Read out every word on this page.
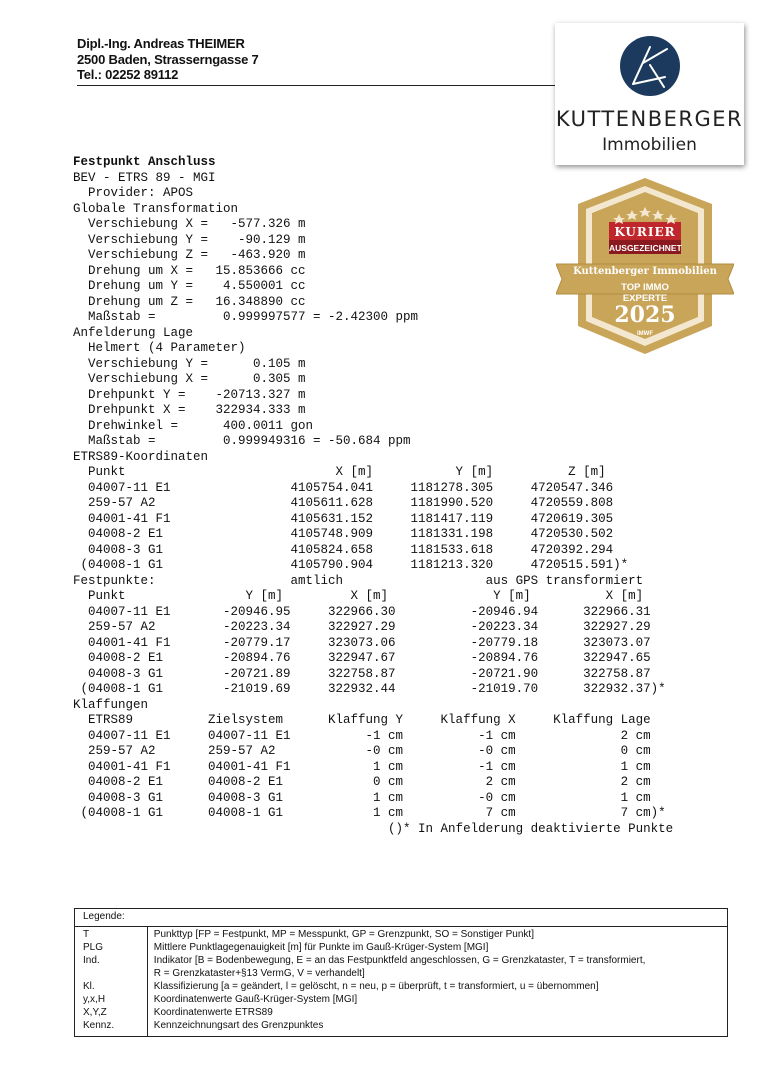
Dipl.-Ing. Andreas THEIMER
2500 Baden, Strasserngasse 7
Tel.: 02252 89112
KUTTENBERGER
Immobilien
KURIER
AUSGEZEICHNET
Kuttenberger Immobilien
TOP IMMO
EXPERTE
2025
IMWF
Festpunkt Anschluss
BEV - ETRS 89 - MGI
Provider: APOS
Globale Transformation
Verschiebung X =   -577.326 m
Verschiebung Y =    -90.129 m
Verschiebung Z =   -463.920 m
Drehung um X =   15.853666 cc
Drehung um Y =    4.550001 cc
Drehung um Z =   16.348890 cc
Maßstab =         0.999997577 = -2.42300 ppm
Anfelderung Lage
Helmert (4 Parameter)
Verschiebung Y =      0.105 m
Verschiebung X =      0.305 m
Drehpunkt Y =    -20713.327 m
Drehpunkt X =    322934.333 m
Drehwinkel =      400.0011 gon
Maßstab =         0.999949316 = -50.684 ppm
ETRS89-Koordinaten
Punkt                            X [m]           Y [m]          Z [m]
04007-11 E1                4105754.041     1181278.305     4720547.346
259-57 A2                  4105611.628     1181990.520     4720559.808
04001-41 F1                4105631.152     1181417.119     4720619.305
04008-2 E1                 4105748.909     1181331.198     4720530.502
04008-3 G1                 4105824.658     1181533.618     4720392.294
(04008-1 G1                 4105790.904     1181213.320     4720515.591)*
Festpunkte:                  amtlich                   aus GPS transformiert
Punkt                Y [m]         X [m]              Y [m]          X [m]
04007-11 E1       -20946.95     322966.30          -20946.94      322966.31
259-57 A2         -20223.34     322927.29          -20223.34      322927.29
04001-41 F1       -20779.17     323073.06          -20779.18      323073.07
04008-2 E1        -20894.76     322947.67          -20894.76      322947.65
04008-3 G1        -20721.89     322758.87          -20721.90      322758.87
(04008-1 G1        -21019.69     322932.44          -21019.70      322932.37)*
Klaffungen
ETRS89          Zielsystem      Klaffung Y     Klaffung X     Klaffung Lage
04007-11 E1     04007-11 E1          -1 cm          -1 cm              2 cm
259-57 A2       259-57 A2            -0 cm          -0 cm              0 cm
04001-41 F1     04001-41 F1           1 cm          -1 cm              1 cm
04008-2 E1      04008-2 E1            0 cm           2 cm              2 cm
04008-3 G1      04008-3 G1            1 cm          -0 cm              1 cm
(04008-1 G1      04008-1 G1            1 cm           7 cm              7 cm)*
()* In Anfelderung deaktivierte Punkte
Legende:
T	Punkttyp [FP = Festpunkt, MP = Messpunkt, GP = Grenzpunkt, SO = Sonstiger Punkt]
PLG	Mittlere Punktlagegenauigkeit [m] für Punkte im Gauß-Krüger-System [MGI]
Ind.	Indikator [B = Bodenbewegung, E = an das Festpunktfeld angeschlossen, G = Grenzkataster, T = transformiert,
R = Grenzkataster+§13 VermG, V = verhandelt]
Kl.	Klassifizierung [a = geändert, l = gelöscht, n = neu, p = überprüft, t = transformiert, u = übernommen]
y,x,H	Koordinatenwerte Gauß-Krüger-System [MGI]
X,Y,Z	Koordinatenwerte ETRS89
Kennz.	Kennzeichnungsart des Grenzpunktes
